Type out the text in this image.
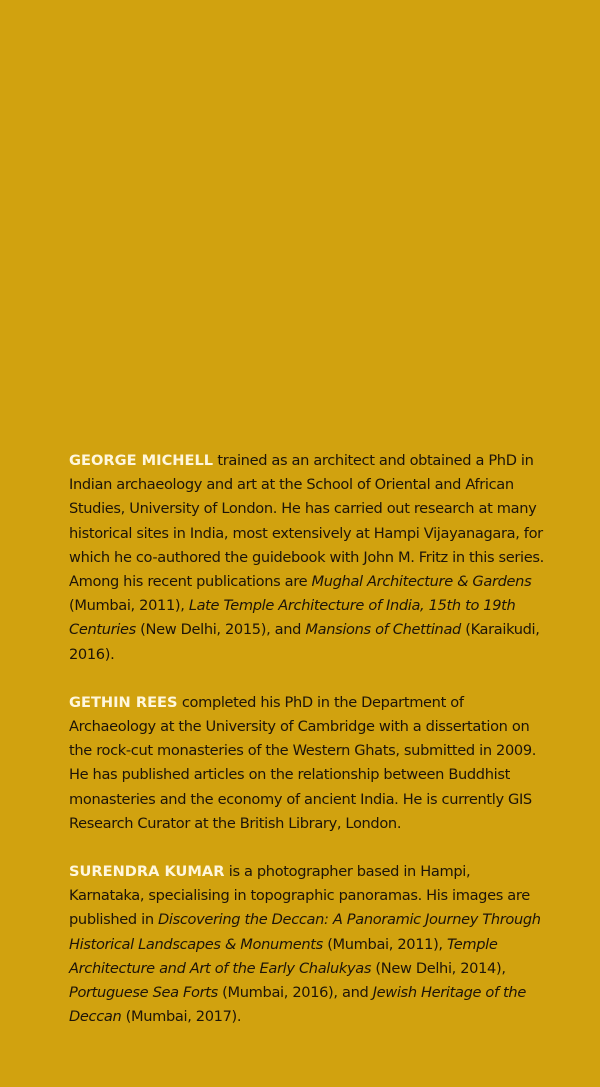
GEORGE MICHELL trained as an architect and obtained a PhD in Indian archaeology and art at the School of Oriental and African Studies, University of London. He has carried out research at many historical sites in India, most extensively at Hampi Vijayanagara, for which he co-authored the guidebook with John M. Fritz in this series. Among his recent publications are Mughal Architecture & Gardens (Mumbai, 2011), Late Temple Architecture of India, 15th to 19th Centuries (New Delhi, 2015), and Mansions of Chettinad (Karaikudi, 2016).

GETHIN REES completed his PhD in the Department of Archaeology at the University of Cambridge with a dissertation on the rock-cut monasteries of the Western Ghats, submitted in 2009. He has published articles on the relationship between Buddhist monasteries and the economy of ancient India. He is currently GIS Research Curator at the British Library, London.

SURENDRA KUMAR is a photographer based in Hampi, Karnataka, specialising in topographic panoramas. His images are published in Discovering the Deccan: A Panoramic Journey Through Historical Landscapes & Monuments (Mumbai, 2011), Temple Architecture and Art of the Early Chalukyas (New Delhi, 2014), Portuguese Sea Forts (Mumbai, 2016), and Jewish Heritage of the Deccan (Mumbai, 2017).
